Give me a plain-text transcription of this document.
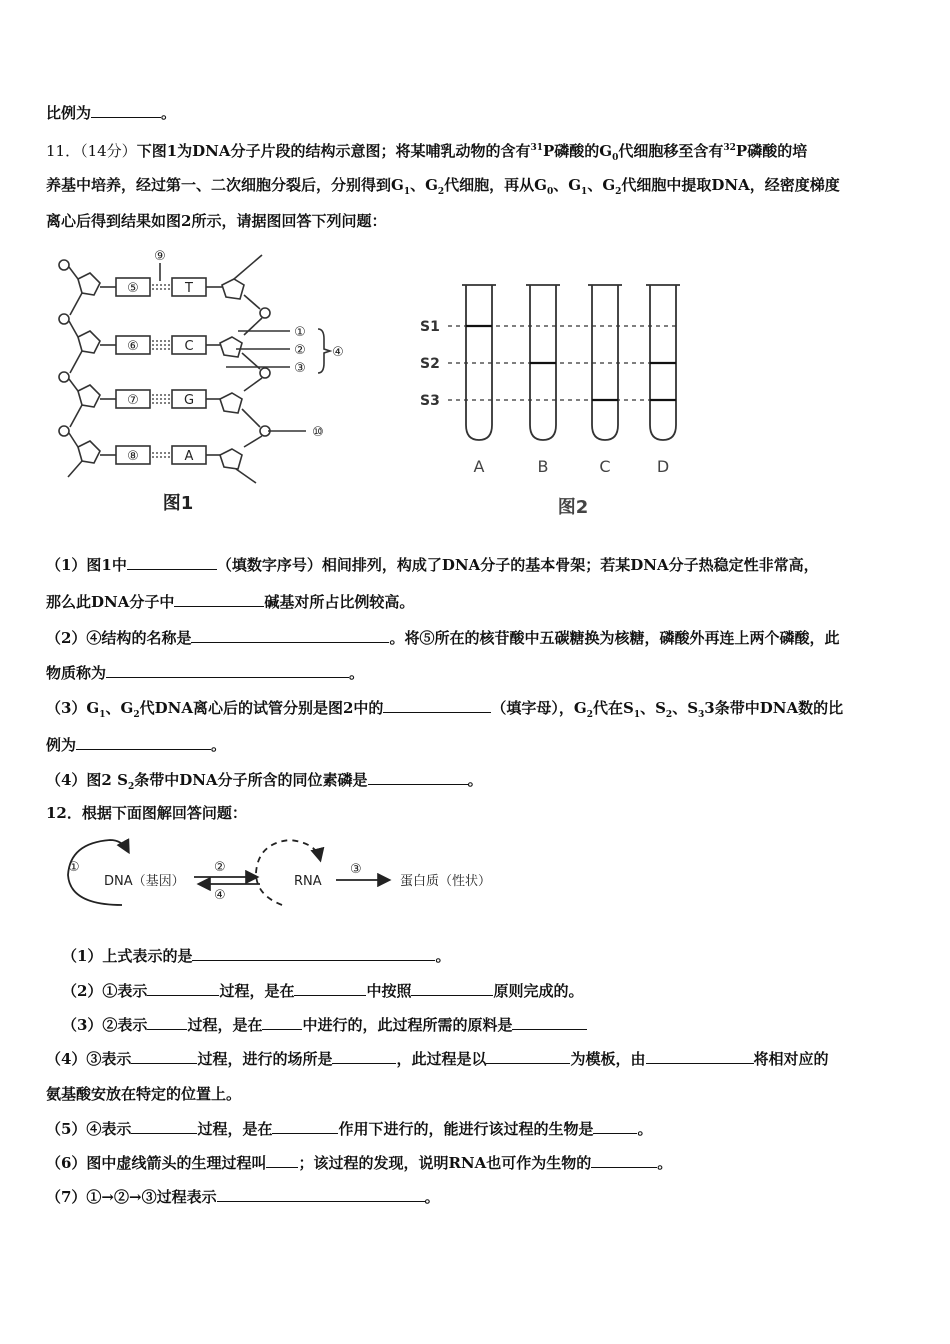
比例为	。
11．（14分）下图1为DNA分子片段的结构示意图；将某哺乳动物的含有$^{31}$P磷酸的$G_0$代细胞移至含有$^{32}$P磷酸的培
养基中培养，经过第一、二次细胞分裂后，分别得到$G_1$、$G_2$代细胞，再从$G_0$、$G_1$、$G_2$代细胞中提取DNA，经密度梯度
离心后得到结果如图2所示，请据图回答下列问题：
⑨
⑤
⑥
⑦
⑧
T
C
G
A
①
②
③
④
⑩
图1
S1
S2
S3
A	B	C	D
图2
（1）图1中	（填数字序号）相间排列，构成了DNA分子的基本骨架；若某DNA分子热稳定性非常高，
那么此DNA分子中	碱基对所占比例较高。
（2）④结构的名称是	。将⑤所在的核苷酸中五碳糖换为核糖，磷酸外再连上两个磷酸，此
物质称为	。
$(3)G_1$、$G_2$代DNA离心后的试管分别是图2中的	（填字母），$G_2$代在$S_1$、$S_2$、$S_33$条带中DNA数的比
例为	。
（4）图2 $S_2$条带中DNA分子所含的同位素磷是	。
12．根据下面图解回答问题：
①
DNA（基因）
②
④
RNA
③
蛋白质（性状）
（1）上式表示的是	。
（2）①表示	过程，是在	中按照	原则完成的。
（3）②表示	过程，是在	中进行的，此过程所需的原料是
（4）③表示	过程，进行的场所是	，此过程是以	为模板，由	将相对应的
氨基酸安放在特定的位置上。
（5）④表示	过程，是在	作用下进行的，能进行该过程的生物是	。
（6）图中虚线箭头的生理过程叫 ；该过程的发现，说明RNA也可作为生物的	。
（7）①→②→③过程表示	。
